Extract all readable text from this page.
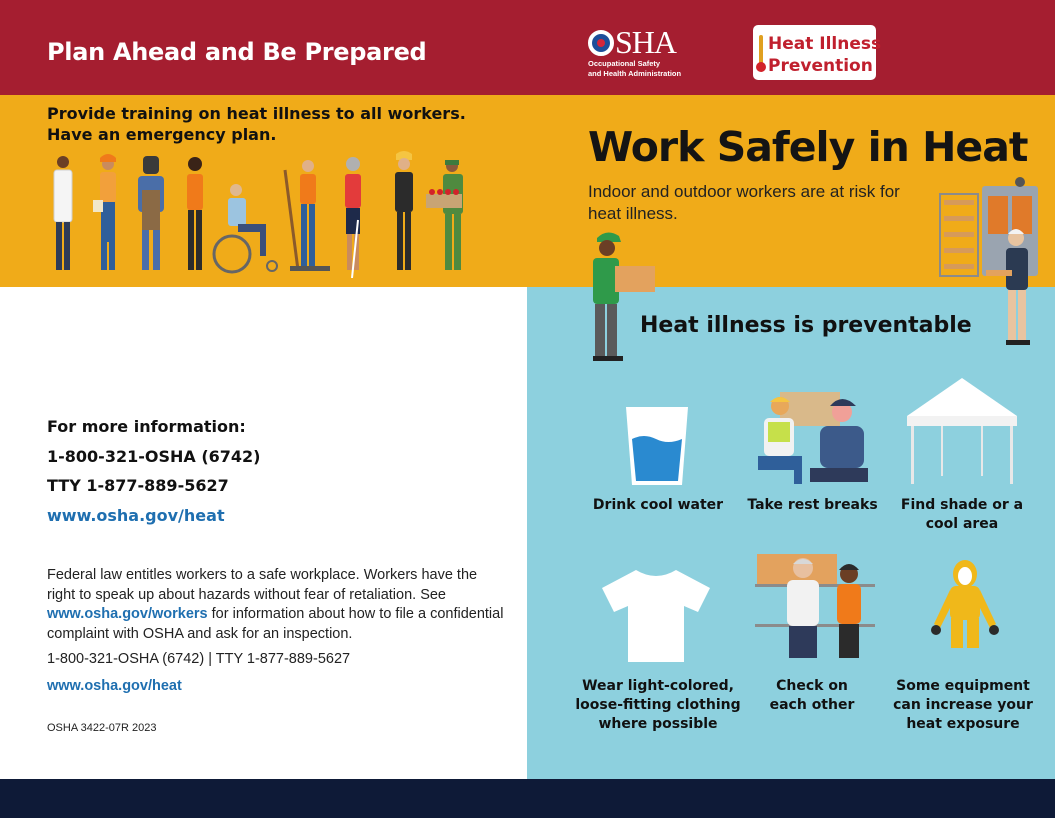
Plan Ahead and Be Prepared	SHA
Occupational Safety
and Health Administration
Heat Illness
Prevention
Provide training on heat illness to all workers.
Have an emergency plan.	Work Safely in Heat
Indoor and outdoor workers are at risk for heat illness.
Heat illness is preventable
Drink cool water Take rest breaks Find shade or a
cool area
Wear light-colored,
loose-fitting clothing
where possible
Check on
each other
Some equipment
can increase your
heat exposure
For more information:
1-800-321-OSHA (6742)
TTY 1-877-889-5627
www.osha.gov/heat
Federal law entitles workers to a safe workplace. Workers have the right to speak up about hazards without fear of retaliation. See www.osha.gov/workers for information about how to file a confidential complaint with OSHA and ask for an inspection.
1-800-321-OSHA (6742) | TTY 1-877-889-5627
www.osha.gov/heat
OSHA 3422-07R 2023
